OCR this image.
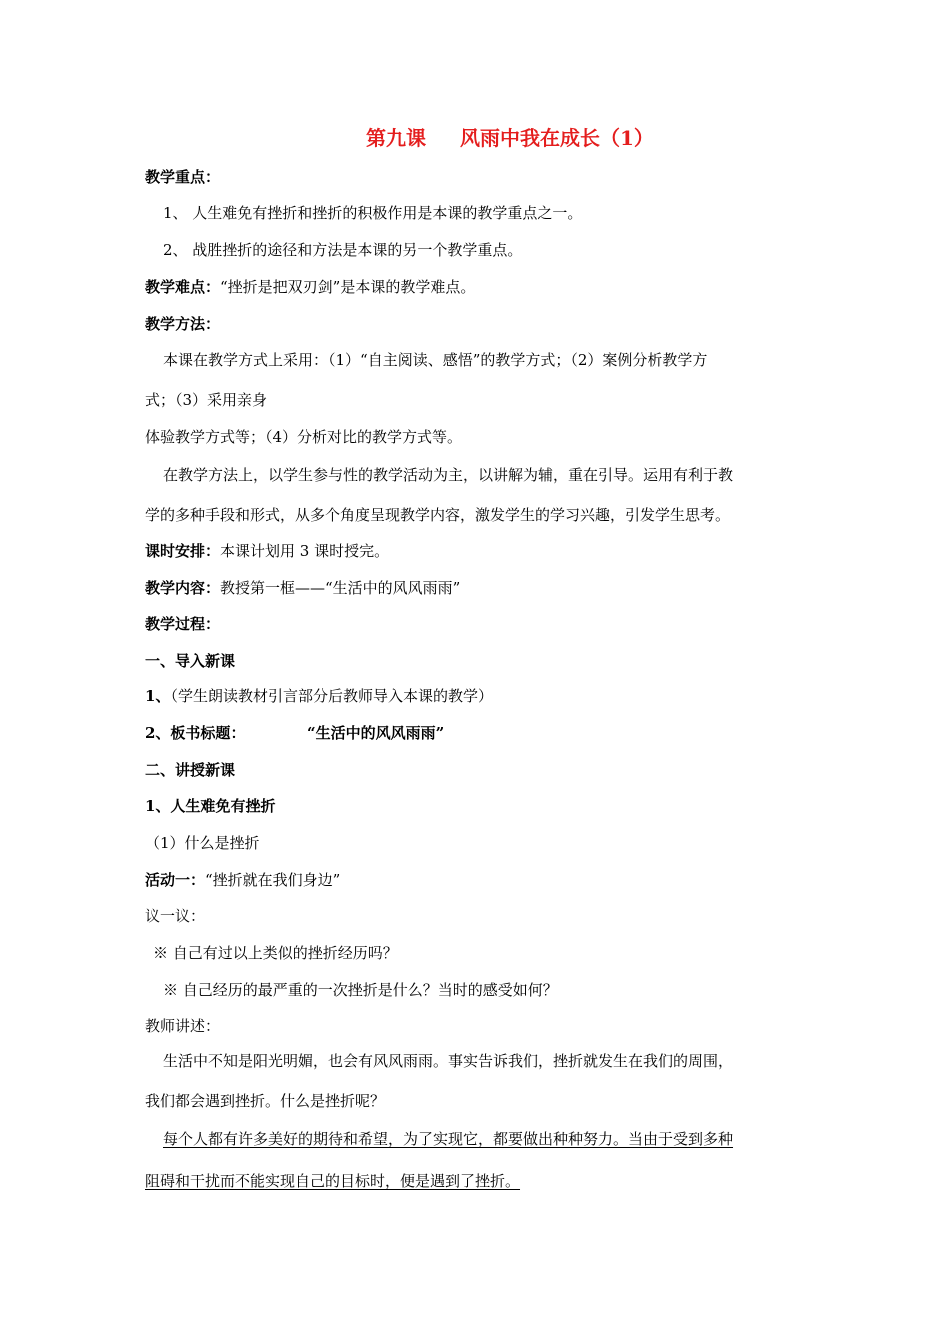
第九课 风雨中我在成长（1）
教学重点：
1、 人生难免有挫折和挫折的积极作用是本课的教学重点之一。
2、 战胜挫折的途径和方法是本课的另一个教学重点。
教学难点：“挫折是把双刃剑”是本课的教学难点。
教学方法：
本课在教学方式上采用：（1）“自主阅读、感悟”的教学方式；（2）案例分析教学方
式；（3）采用亲身
体验教学方式等；（4）分析对比的教学方式等。
在教学方法上，以学生参与性的教学活动为主，以讲解为辅，重在引导。运用有利于教
学的多种手段和形式，从多个角度呈现教学内容，激发学生的学习兴趣，引发学生思考。
课时安排：本课计划用 3 课时授完。
教学内容：教授第一框——“生活中的风风雨雨”
教学过程：
一、导入新课
1、（学生朗读教材引言部分后教师导入本课的教学）
2、板书标题：	“生活中的风风雨雨”
二、讲授新课
1、人生难免有挫折
（1）什么是挫折
活动一：“挫折就在我们身边”
议一议：
※ 自己有过以上类似的挫折经历吗？
※ 自己经历的最严重的一次挫折是什么？当时的感受如何？
教师讲述：
生活中不知是阳光明媚，也会有风风雨雨。事实告诉我们，挫折就发生在我们的周围，
我们都会遇到挫折。什么是挫折呢？
每个人都有许多美好的期待和希望，为了实现它，都要做出种种努力。当由于受到多种
阻碍和干扰而不能实现自己的目标时，便是遇到了挫折。
